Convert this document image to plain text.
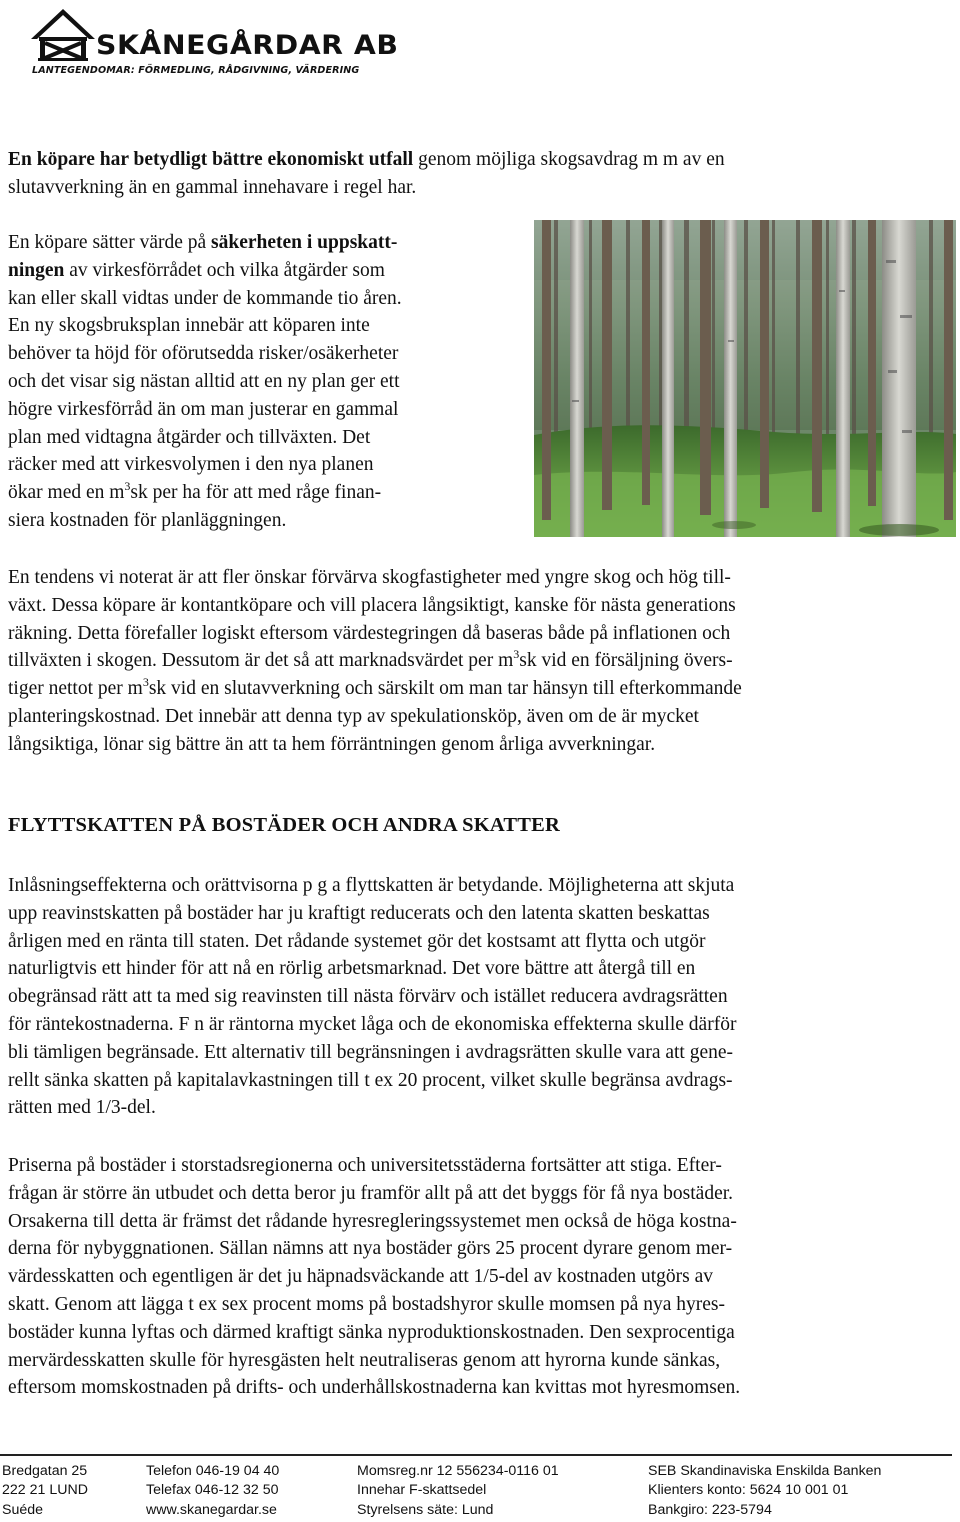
SKÅNEGÅRDAR AB

LANTEGENDOMAR: FÖRMEDLING, RÅDGIVNING, VÄRDERING

En köpare har betydligt bättre ekonomiskt utfall genom möjliga skogsavdrag m m av en
slutavverkning än en gammal innehavare i regel har.

En köpare sätter värde på säkerheten i uppskatt-
ningen av virkesförrådet och vilka åtgärder som
kan eller skall vidtas under de kommande tio åren.
En ny skogsbruksplan innebär att köparen inte
behöver ta höjd för oförutsedda risker/osäkerheter
och det visar sig nästan alltid att en ny plan ger ett
högre virkesförråd än om man justerar en gammal
plan med vidtagna åtgärder och tillväxten. Det
räcker med att virkesvolymen i den nya planen
ökar med en $m^3sk$ per ha för att med råge finan-
siera kostnaden för planläggningen.

En tendens vi noterat är att fler önskar förvärva skogfastigheter med yngre skog och hög till-
växt. Dessa köpare är kontantköpare och vill placera långsiktigt, kanske för nästa generations
räkning. Detta förefaller logiskt eftersom värdestegringen då baseras både på inflationen och
tillväxten i skogen. Dessutom är det så att marknadsvärdet per $m^3sk$ vid en försäljning övers-
tiger nettot per $m^3sk$ vid en slutavverkning och särskilt om man tar hänsyn till efterkommande
planteringskostnad. Det innebär att denna typ av spekulationsköp, även om de är mycket
långsiktiga, lönar sig bättre än att ta hem förräntningen genom årliga avverkningar.

FLYTTSKATTEN PÅ BOSTÄDER OCH ANDRA SKATTER

Inlåsningseffekterna och orättvisorna p g a flyttskatten är betydande. Möjligheterna att skjuta
upp reavinstskatten på bostäder har ju kraftigt reducerats och den latenta skatten beskattas
årligen med en ränta till staten. Det rådande systemet gör det kostsamt att flytta och utgör
naturligtvis ett hinder för att nå en rörlig arbetsmarknad. Det vore bättre att återgå till en
obegränsad rätt att ta med sig reavinsten till nästa förvärv och istället reducera avdragsrätten
för räntekostnaderna. F n är räntorna mycket låga och de ekonomiska effekterna skulle därför
bli tämligen begränsade. Ett alternativ till begränsningen i avdragsrätten skulle vara att gene-
rellt sänka skatten på kapitalavkastningen till t ex 20 procent, vilket skulle begränsa avdrags-
rätten med 1/3-del.

Priserna på bostäder i storstadsregionerna och universitetsstäderna fortsätter att stiga. Efter-
frågan är större än utbudet och detta beror ju framför allt på att det byggs för få nya bostäder.
Orsakerna till detta är främst det rådande hyresregleringssystemet men också de höga kostna-
derna för nybyggnationen. Sällan nämns att nya bostäder görs 25 procent dyrare genom mer-
värdesskatten och egentligen är det ju häpnadsväckande att 1/5-del av kostnaden utgörs av
skatt. Genom att lägga t ex sex procent moms på bostadshyror skulle momsen på nya hyres-
bostäder kunna lyftas och därmed kraftigt sänka nyproduktionskostnaden. Den sexprocentiga
mervärdesskatten skulle för hyresgästen helt neutraliseras genom att hyrorna kunde sänkas,
eftersom momskostnaden på drifts- och underhållskostnaderna kan kvittas mot hyresmomsen.

Bredgatan 25
222 21 LUND
Suéde
Telefon 046-19 04 40
Telefax 046-12 32 50
www.skanegardar.se
Momsreg.nr 12 556234-0116 01
Innehar F-skattsedel
Styrelsens säte: Lund
SEB Skandinaviska Enskilda Banken
Klienters konto: 5624 10 001 01
Bankgiro: 223-5794
